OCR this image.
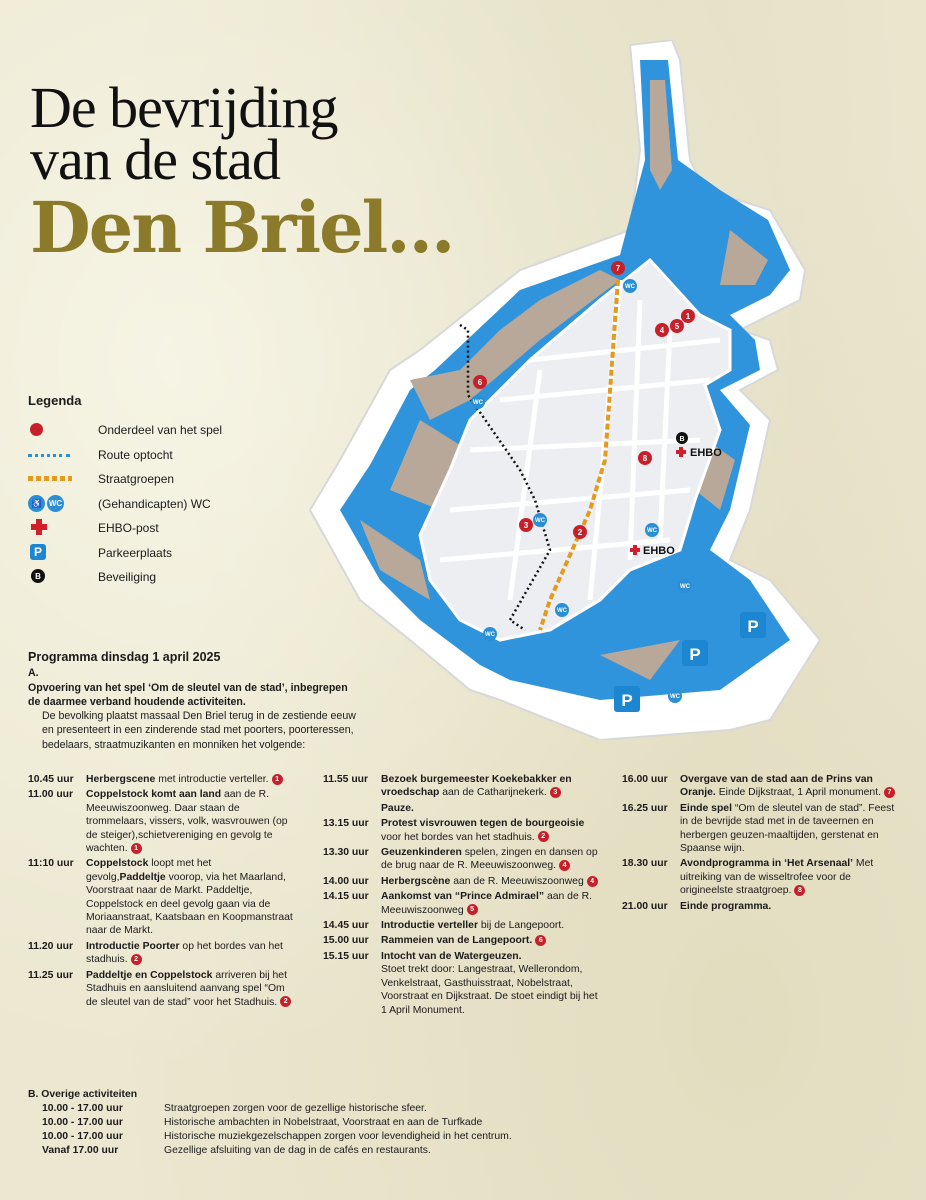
De bevrijding
van de stad
Den Briel...	7
1
5
4
6
8
3
2
WC
WC
WC
WC
WC
WC
WC
WC
EHBO
EHBO
B
P
P
P
Legenda
Onderdeel van het spel
Route optocht
Straatgroepen
♿ WC	(Gehandicapten) WC
EHBO-post
P	Parkeerplaats
B	Beveiliging
Programma dinsdag 1 april 2025
A.Opvoering van het spel ‘Om de sleutel van de stad’, inbegrepen de daarmee verband houdende activiteiten.
De bevolking plaatst massaal Den Briel terug in de zestiende eeuw en presenteert in een zinderende stad met poorters, poorteressen, bedelaars, straatmuzikanten en monniken het volgende:
10.45 uur	Herbergscene met introductie verteller. 1
11.00 uur	Coppelstock komt aan land aan de R. Meeuwiszoonweg. Daar staan de trommelaars, vissers, volk, wasvrouwen (op de steiger),schietvereniging en gevolg te wachten. 1
11:10 uur	Coppelstock loopt met het gevolg,Paddeltje voorop, via het Maarland, Voorstraat naar de Markt. Paddeltje, Coppelstock en deel gevolg gaan via de Moriaanstraat, Kaatsbaan en Koopmanstraat naar de Markt.
11.20 uur	Introductie Poorter op het bordes van het stadhuis. 2
11.25 uur	Paddeltje en Coppelstock arriveren bij het Stadhuis en aansluitend aanvang spel “Om de sleutel van de stad” voor het Stadhuis. 2
11.55 uur	Bezoek burgemeester Koekebakker en vroedschap aan de Catharijnekerk. 3
Pauze.
13.15 uur	Protest visvrouwen tegen de bourgeoisie voor het bordes van het stadhuis. 2
13.30 uur	Geuzenkinderen spelen, zingen en dansen op de brug naar de R. Meeuwiszoonweg. 4
14.00 uur	Herbergscène aan de R. Meeuwiszoonweg 4
14.15 uur	Aankomst van “Prince Admirael” aan de R. Meeuwiszoonweg 5
14.45 uur	Introductie verteller bij de Langepoort.
15.00 uur	Rammeien van de Langepoort. 6
15.15 uur	Intocht van de Watergeuzen.
Stoet trekt door: Langestraat, Wellerondom, Venkelstraat, Gasthuisstraat, Nobelstraat, Voorstraat en Dijkstraat. De stoet eindigt bij het 1 April Monument.
16.00 uur	Overgave van de stad aan de Prins van Oranje. Einde Dijkstraat, 1 April monument. 7
16.25 uur	Einde spel “Om de sleutel van de stad”. Feest in de bevrijde stad met in de taveernen en herbergen geuzen-maaltijden, gerstenat en Spaanse wijn.
18.30 uur	Avondprogramma in ‘Het Arsenaal’ Met uitreiking van de wisseltrofee voor de origineelste straatgroep. 8
21.00 uur	Einde programma.
B. Overige activiteiten
10.00 - 17.00 uur	Straatgroepen zorgen voor de gezellige historische sfeer.
10.00 - 17.00 uur	Historische ambachten in Nobelstraat, Voorstraat en aan de Turfkade
10.00 - 17.00 uur	Historische muziekgezelschappen zorgen voor levendigheid in het centrum.
Vanaf 17.00 uur	Gezellige afsluiting van de dag in de cafés en restaurants.
